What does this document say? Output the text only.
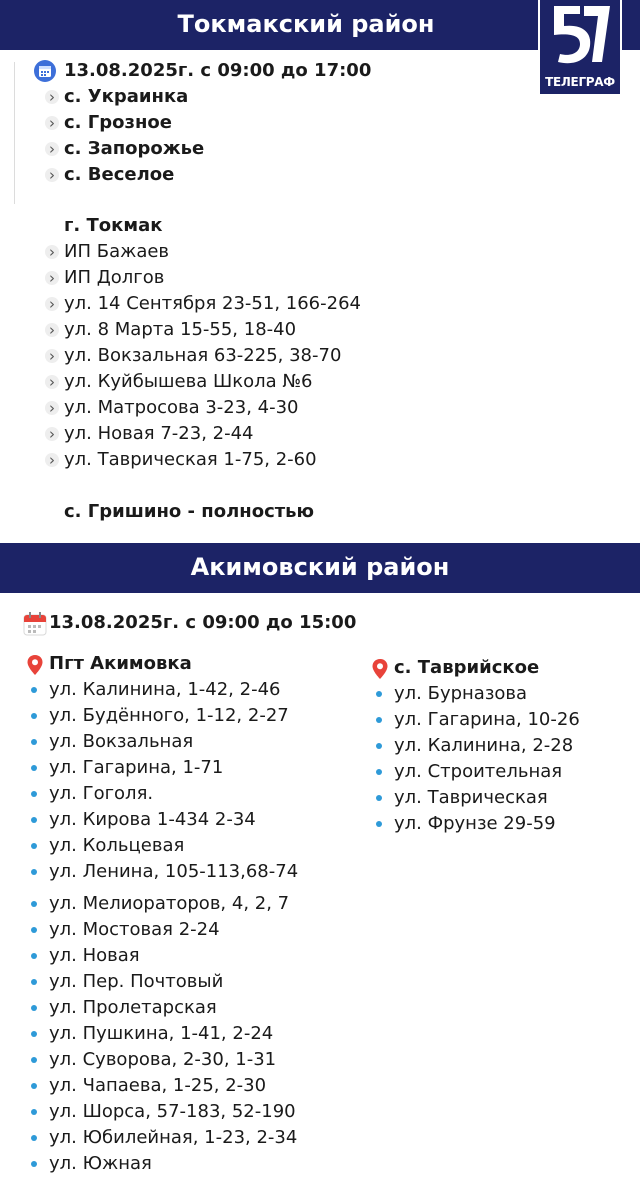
Токмакский район
ТЕЛЕГРАФ
13.08.2025г. с 09:00 до 17:00
› с. Украинка
› с. Грозное
› с. Запорожье
› с. Веселое
г. Токмак
› ИП Бажаев
› ИП Долгов
› ул. 14 Сентября 23-51, 166-264
› ул. 8 Марта 15-55, 18-40
› ул. Вокзальная 63-225, 38-70
› ул. Куйбышева Школа №6
› ул. Матросова 3-23, 4-30
› ул. Новая 7-23, 2-44
› ул. Таврическая 1-75, 2-60
с. Гришино - полностью
Акимовский район
13.08.2025г. с 09:00 до 15:00
Пгт Акимовка
ул. Калинина, 1-42, 2-46
ул. Будённого, 1-12, 2-27
ул. Вокзальная
ул. Гагарина, 1-71
ул. Гоголя.
ул. Кирова 1-434 2-34
ул. Кольцевая
ул. Ленина, 105-113,68-74
ул. Мелиораторов, 4, 2, 7
ул. Мостовая 2-24
ул. Новая
ул. Пер. Почтовый
ул. Пролетарская
ул. Пушкина, 1-41, 2-24
ул. Суворова, 2-30, 1-31
ул. Чапаева, 1-25, 2-30
ул. Шорса, 57-183, 52-190
ул. Юбилейная, 1-23, 2-34
ул. Южная
с. Таврийское
ул. Бурназова
ул. Гагарина, 10-26
ул. Калинина, 2-28
ул. Строительная
ул. Таврическая
ул. Фрунзе 29-59
